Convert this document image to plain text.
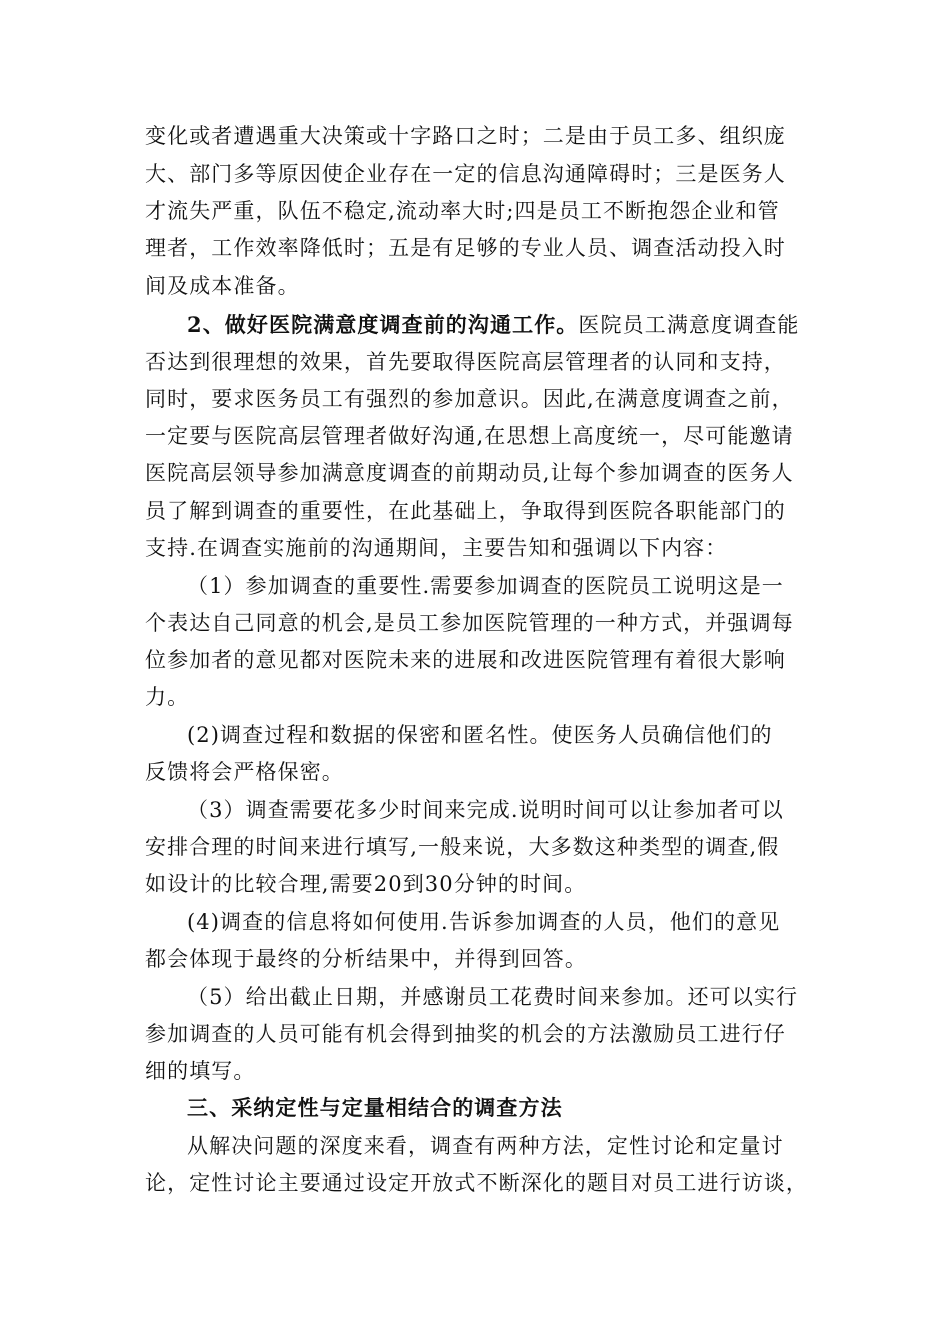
变化或者遭遇重大决策或十字路口之时；二是由于员工多、组织庞
大、部门多等原因使企业存在一定的信息沟通障碍时；三是医务人
才流失严重，队伍不稳定,流动率大时;四是员工不断抱怨企业和管
理者，工作效率降低时；五是有足够的专业人员、调查活动投入时
间及成本准备。
2、做好医院满意度调查前的沟通工作。医院员工满意度调查能
否达到很理想的效果，首先要取得医院高层管理者的认同和支持，
同时，要求医务员工有强烈的参加意识。因此,在满意度调查之前，
一定要与医院高层管理者做好沟通,在思想上高度统一，尽可能邀请
医院高层领导参加满意度调查的前期动员,让每个参加调查的医务人
员了解到调查的重要性，在此基础上，争取得到医院各职能部门的
支持.在调查实施前的沟通期间，主要告知和强调以下内容：
（1）参加调查的重要性.需要参加调查的医院员工说明这是一
个表达自己同意的机会,是员工参加医院管理的一种方式，并强调每
位参加者的意见都对医院未来的进展和改进医院管理有着很大影响
力。
(2)调查过程和数据的保密和匿名性。使医务人员确信他们的
反馈将会严格保密。
（3）调查需要花多少时间来完成.说明时间可以让参加者可以
安排合理的时间来进行填写,一般来说，大多数这种类型的调查,假
如设计的比较合理,需要20到30分钟的时间。
(4)调查的信息将如何使用.告诉参加调查的人员，他们的意见
都会体现于最终的分析结果中，并得到回答。
（5）给出截止日期，并感谢员工花费时间来参加。还可以实行
参加调查的人员可能有机会得到抽奖的机会的方法激励员工进行仔
细的填写。
三、采纳定性与定量相结合的调查方法
从解决问题的深度来看，调查有两种方法，定性讨论和定量讨
论，定性讨论主要通过设定开放式不断深化的题目对员工进行访谈，
